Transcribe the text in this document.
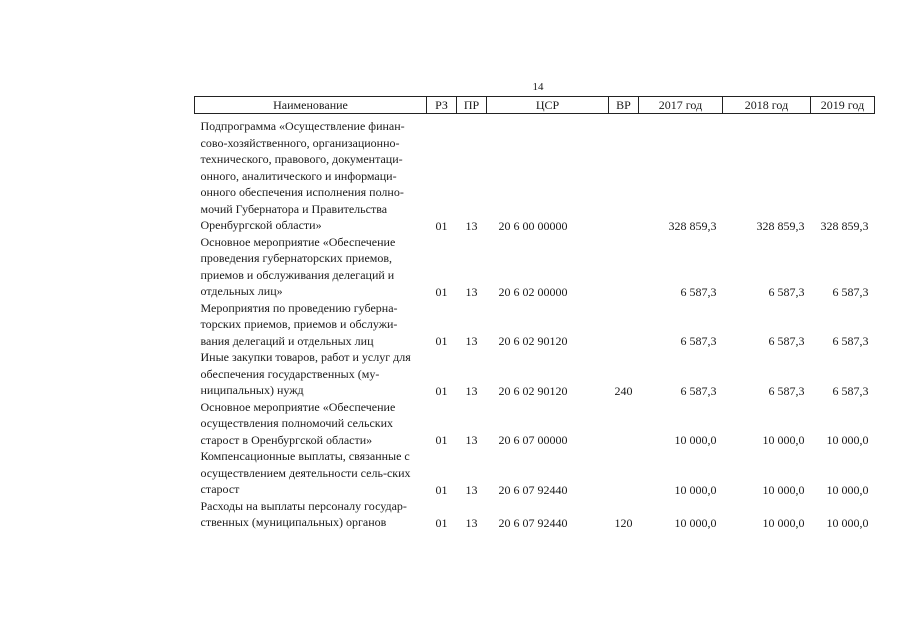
14
Наименование	РЗ	ПР	ЦСР	ВР	2017 год	2018 год	2019 год

Подпрограмма «Осуществление финан-совo-хозяйственного, организационно-технического, правового, документаци-онного, аналитического и информаци-онного обеспечения исполнения полно-мочий Губернатора и Правительства Оренбургской области»	01	13	20 6 00 00000		328 859,3	328 859,3	328 859,3
Основное мероприятие «Обеспечение проведения губернаторских приемов, приемов и обслуживания делегаций и отдельных лиц»	01	13	20 6 02 00000		6 587,3	6 587,3	6 587,3
Мероприятия по проведению губерна-торских приемов, приемов и обслужи-вания делегаций и отдельных лиц	01	13	20 6 02 90120		6 587,3	6 587,3	6 587,3
Иные закупки товаров, работ и услуг для обеспечения государственных (му-ниципальных) нужд	01	13	20 6 02 90120	240	6 587,3	6 587,3	6 587,3
Основное мероприятие «Обеспечение осуществления полномочий сельских старост в Оренбургской области»	01	13	20 6 07 00000		10 000,0	10 000,0	10 000,0
Компенсационные выплаты, связанные с осуществлением деятельности сель-ских старост	01	13	20 6 07 92440		10 000,0	10 000,0	10 000,0
Расходы на выплаты персоналу государ-ственных (муниципальных) органов	01	13	20 6 07 92440	120	10 000,0	10 000,0	10 000,0
